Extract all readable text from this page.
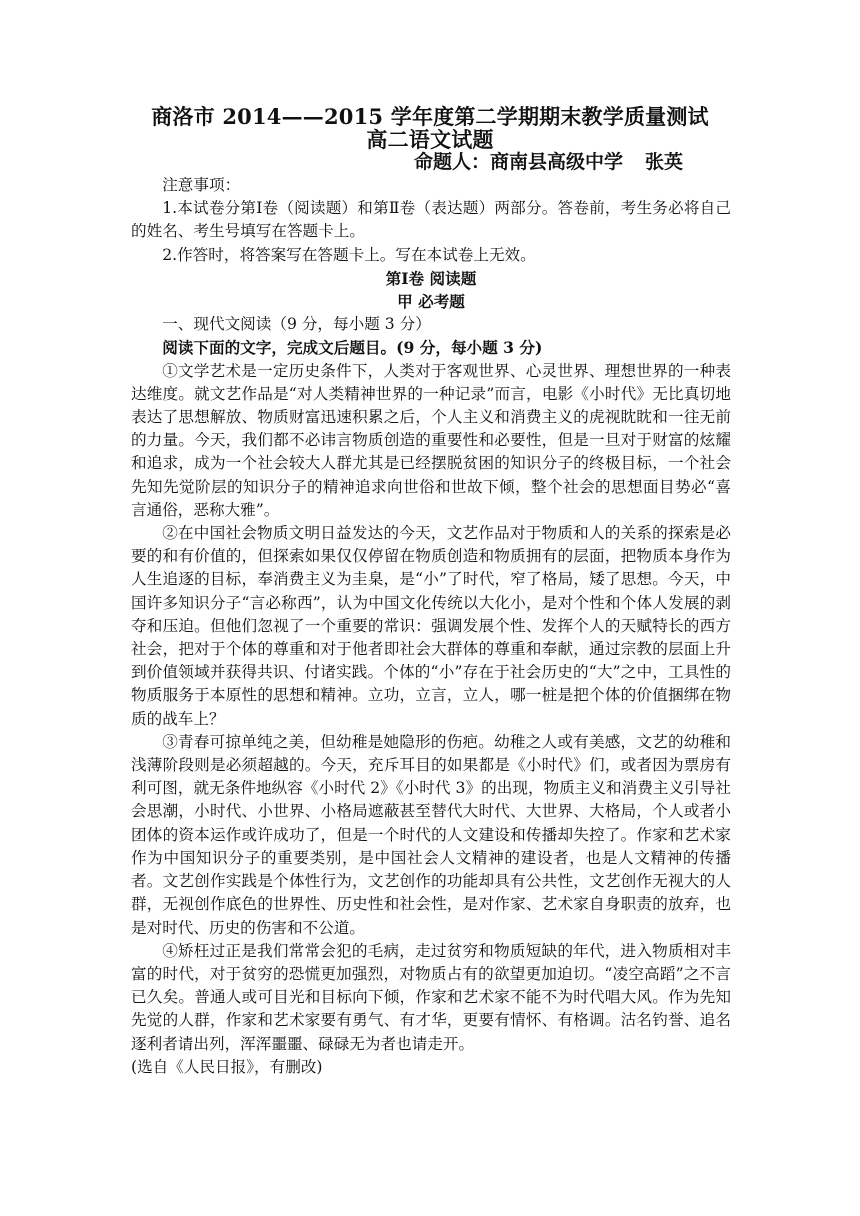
商洛市 2014——2015 学年度第二学期期末教学质量测试
高二语文试题
命题人：商南县高级中学 张英

注意事项：

1.本试卷分第Ⅰ卷（阅读题）和第Ⅱ卷（表达题）两部分。答卷前，考生务必将自己的姓名、考生号填写在答题卡上。

2.作答时，将答案写在答题卡上。写在本试卷上无效。

第Ⅰ卷 阅读题

甲 必考题

一、现代文阅读（9 分，每小题 3 分）

阅读下面的文字，完成文后题目。(9 分，每小题 3 分)

①文学艺术是一定历史条件下，人类对于客观世界、心灵世界、理想世界的一种表达维度。就文艺作品是“对人类精神世界的一种记录”而言，电影《小时代》无比真切地表达了思想解放、物质财富迅速积累之后，个人主义和消费主义的虎视眈眈和一往无前的力量。今天，我们都不必讳言物质创造的重要性和必要性，但是一旦对于财富的炫耀和追求，成为一个社会较大人群尤其是已经摆脱贫困的知识分子的终极目标，一个社会先知先觉阶层的知识分子的精神追求向世俗和世故下倾，整个社会的思想面目势必“喜言通俗，恶称大雅”。

②在中国社会物质文明日益发达的今天，文艺作品对于物质和人的关系的探索是必要的和有价值的，但探索如果仅仅停留在物质创造和物质拥有的层面，把物质本身作为人生追逐的目标，奉消费主义为圭臬，是“小”了时代，窄了格局，矮了思想。今天，中国许多知识分子“言必称西”，认为中国文化传统以大化小，是对个性和个体人发展的剥夺和压迫。但他们忽视了一个重要的常识：强调发展个性、发挥个人的天赋特长的西方社会，把对于个体的尊重和对于他者即社会大群体的尊重和奉献，通过宗教的层面上升到价值领域并获得共识、付诸实践。个体的“小”存在于社会历史的“大”之中，工具性的物质服务于本原性的思想和精神。立功，立言，立人，哪一桩是把个体的价值捆绑在物质的战车上？

③青春可掠单纯之美，但幼稚是她隐形的伤疤。幼稚之人或有美感，文艺的幼稚和浅薄阶段则是必须超越的。今天，充斥耳目的如果都是《小时代》们，或者因为票房有利可图，就无条件地纵容《小时代 2》《小时代 3》的出现，物质主义和消费主义引导社会思潮，小时代、小世界、小格局遮蔽甚至替代大时代、大世界、大格局，个人或者小团体的资本运作或许成功了，但是一个时代的人文建设和传播却失控了。作家和艺术家作为中国知识分子的重要类别，是中国社会人文精神的建设者，也是人文精神的传播者。文艺创作实践是个体性行为，文艺创作的功能却具有公共性，文艺创作无视大的人群，无视创作底色的世界性、历史性和社会性，是对作家、艺术家自身职责的放弃，也是对时代、历史的伤害和不公道。

④矫枉过正是我们常常会犯的毛病，走过贫穷和物质短缺的年代，进入物质相对丰富的时代，对于贫穷的恐慌更加强烈，对物质占有的欲望更加迫切。“凌空高蹈”之不言已久矣。普通人或可目光和目标向下倾，作家和艺术家不能不为时代唱大风。作为先知先觉的人群，作家和艺术家要有勇气、有才华，更要有情怀、有格调。沽名钓誉、追名逐利者请出列，浑浑噩噩、碌碌无为者也请走开。

(选自《人民日报》，有删改)
